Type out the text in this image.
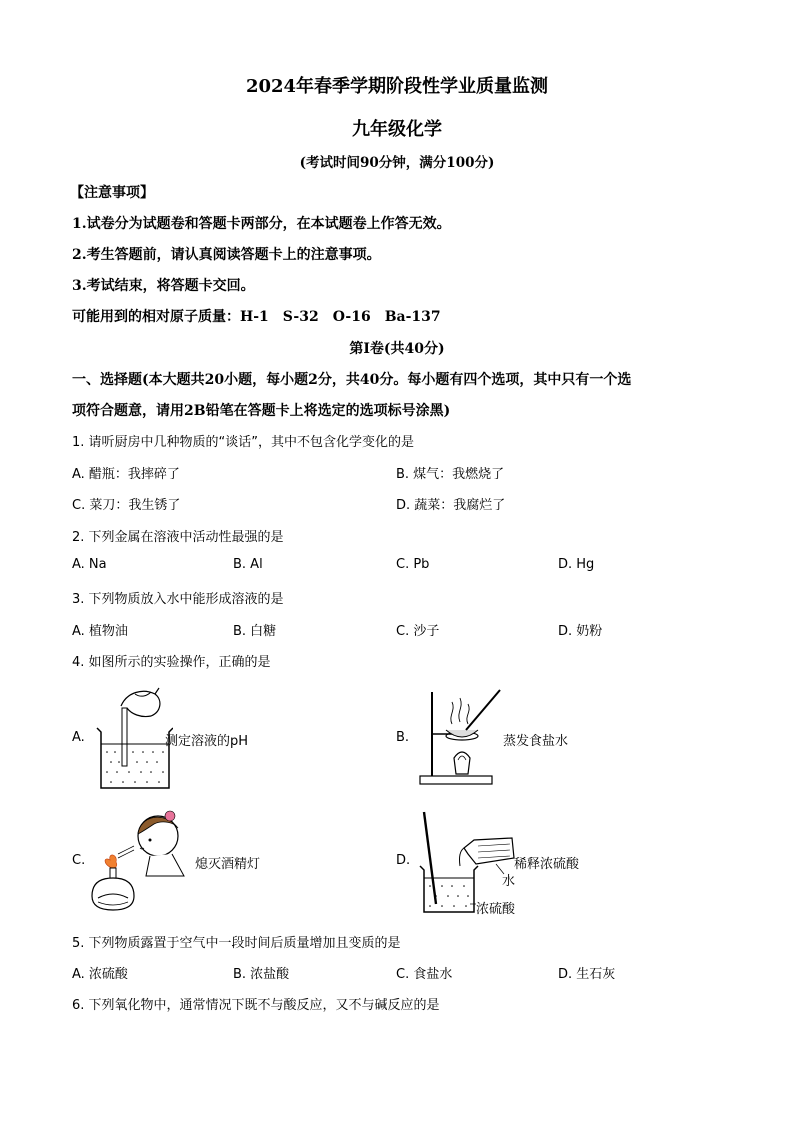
2024年春季学期阶段性学业质量监测
九年级化学
(考试时间90分钟，满分100分)
【注意事项】
1.试卷分为试题卷和答题卡两部分，在本试题卷上作答无效。
2.考生答题前，请认真阅读答题卡上的注意事项。
3.考试结束，将答题卡交回。
可能用到的相对原子质量：H-1　S-32　O-16　Ba-137
第Ⅰ卷(共40分)
一、选择题(本大题共20小题，每小题2分，共40分。每小题有四个选项，其中只有一个选
项符合题意，请用2B铅笔在答题卡上将选定的选项标号涂黑)
1. 请听厨房中几种物质的“谈话”，其中不包含化学变化的是
A. 醋瓶：我摔碎了	B. 煤气：我燃烧了
C. 菜刀：我生锈了	D. 蔬菜：我腐烂了
2. 下列金属在溶液中活动性最强的是
A. Na	B. Al	C. Pb	D. Hg
3. 下列物质放入水中能形成溶液的是
A. 植物油	B. 白糖	C. 沙子	D. 奶粉
4. 如图所示的实验操作，正确的是
A.	测定溶液的pH	B.	蒸发食盐水
C.	熄灭酒精灯	D.	稀释浓硫酸
水
浓硫酸
5. 下列物质露置于空气中一段时间后质量增加且变质的是
A. 浓硫酸	B. 浓盐酸	C. 食盐水	D. 生石灰
6. 下列氧化物中，通常情况下既不与酸反应，又不与碱反应的是
